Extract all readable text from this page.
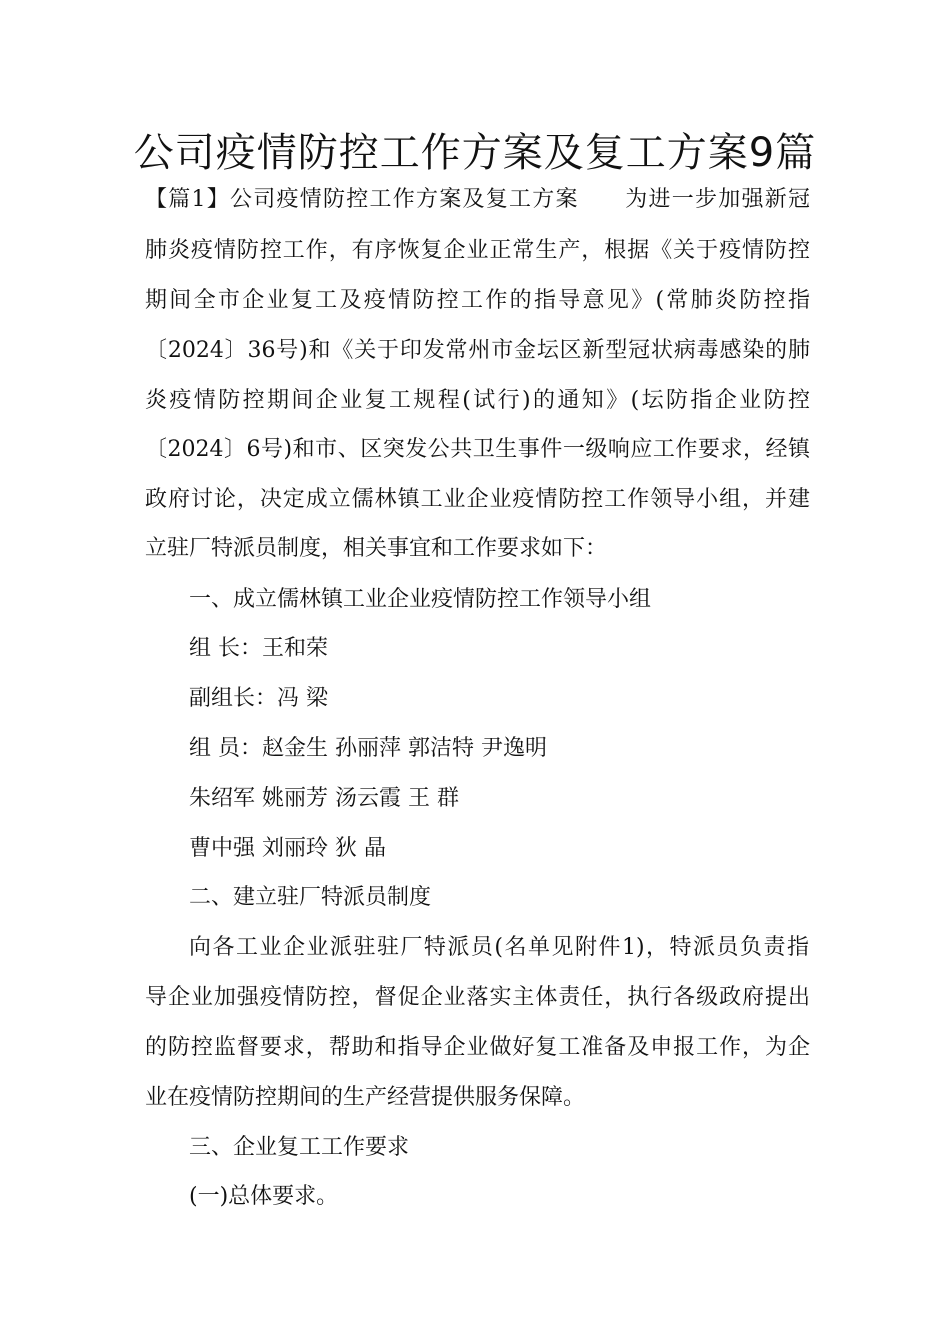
公司疫情防控工作方案及复工方案9篇

【篇1】公司疫情防控工作方案及复工方案　　为进一步加强新冠

肺炎疫情防控工作，有序恢复企业正常生产，根据《关于疫情防控

期间全市企业复工及疫情防控工作的指导意见》(常肺炎防控指

〔2024〕36号)和《关于印发常州市金坛区新型冠状病毒感染的肺

炎疫情防控期间企业复工规程(试行)的通知》(坛防指企业防控

〔2024〕6号)和市、区突发公共卫生事件一级响应工作要求，经镇

政府讨论，决定成立儒林镇工业企业疫情防控工作领导小组，并建

立驻厂特派员制度，相关事宜和工作要求如下：

一、成立儒林镇工业企业疫情防控工作领导小组

组 长：王和荣

副组长：冯 梁

组 员：赵金生 孙丽萍 郭洁特 尹逸明

朱绍军 姚丽芳 汤云霞 王 群

曹中强 刘丽玲 狄 晶

二、建立驻厂特派员制度

向各工业企业派驻驻厂特派员(名单见附件1)，特派员负责指

导企业加强疫情防控，督促企业落实主体责任，执行各级政府提出

的防控监督要求，帮助和指导企业做好复工准备及申报工作，为企

业在疫情防控期间的生产经营提供服务保障。

三、企业复工工作要求

(一)总体要求。
